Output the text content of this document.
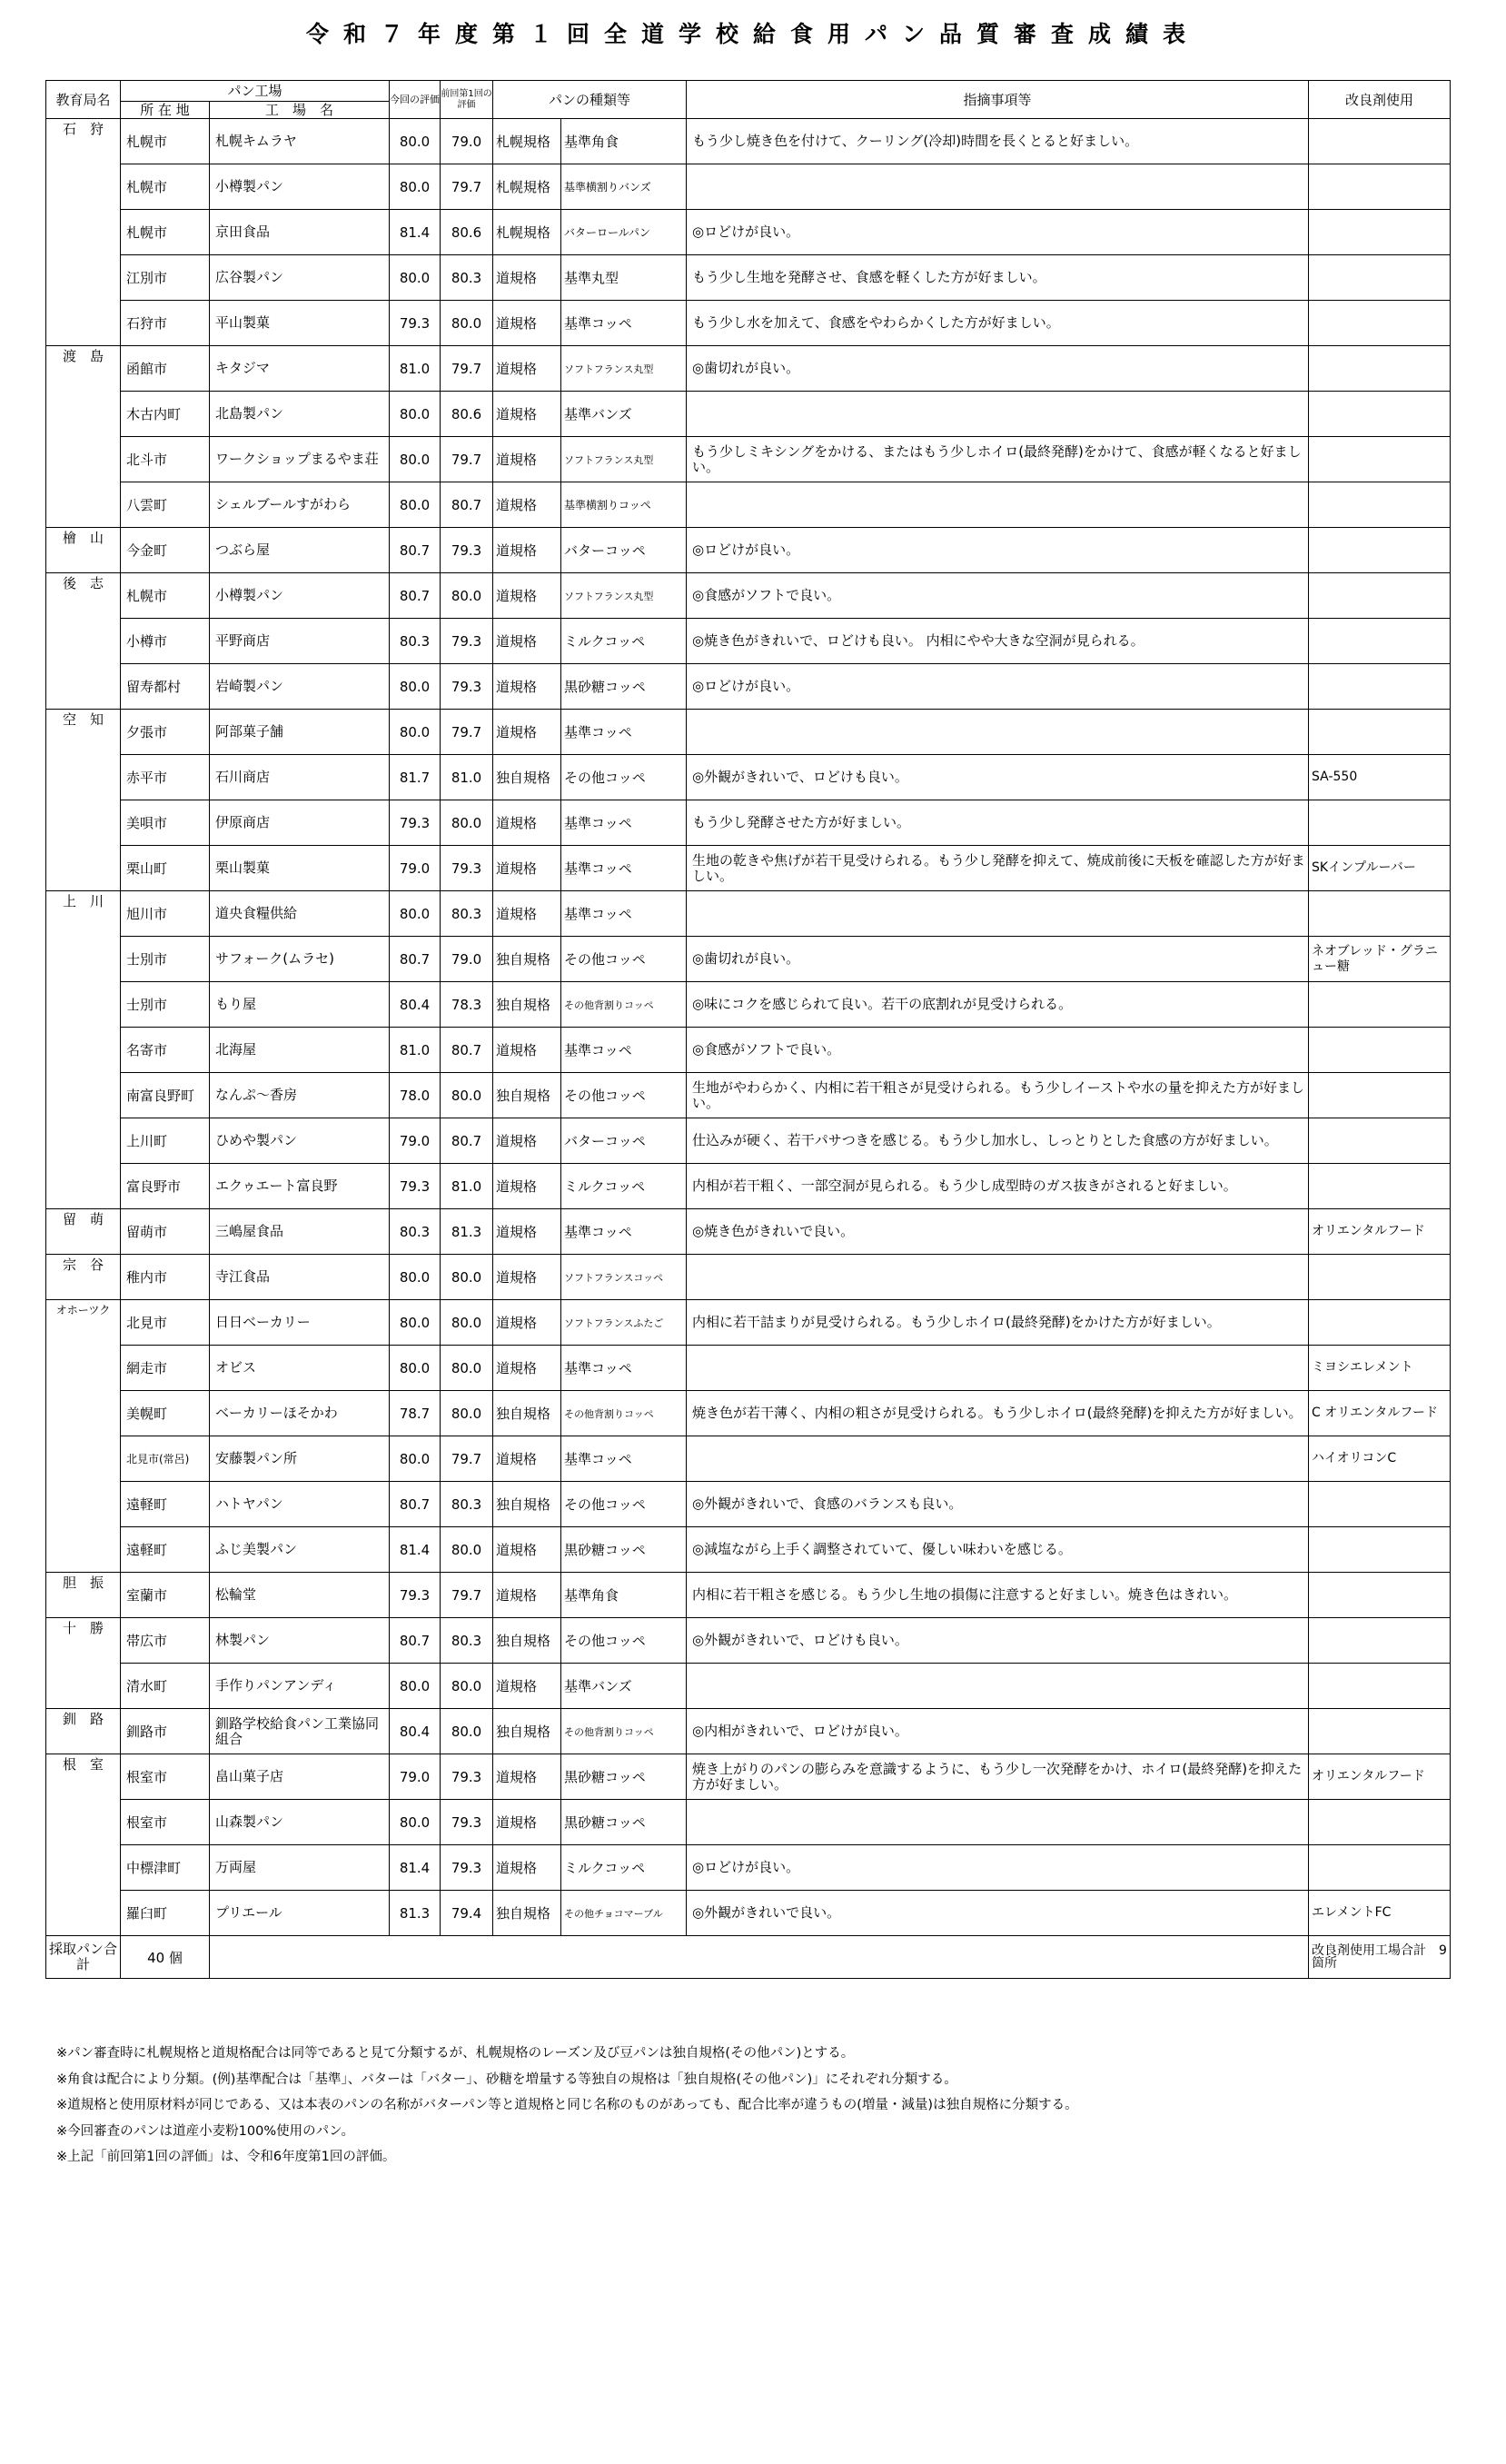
令和７年度第１回全道学校給食用パン品質審査成績表
教育局名	パン工場		今回の評価	前回第1回の評価	パンの種類等		指摘事項等	改良剤使用
	所 在 地	工　場　名						
石　狩	札幌市	札幌キムラヤ	80.0	79.0	札幌規格	基準角食	もう少し焼き色を付けて、クーリング(冷却)時間を長くとると好ましい。	
	札幌市	小樽製パン	80.0	79.7	札幌規格	基準横割りバンズ		
	札幌市	京田食品	81.4	80.6	札幌規格	バターロールパン	◎ロどけが良い。	
	江別市	広谷製パン	80.0	80.3	道規格	基準丸型	もう少し生地を発酵させ、食感を軽くした方が好ましい。	
	石狩市	平山製菓	79.3	80.0	道規格	基準コッペ	もう少し水を加えて、食感をやわらかくした方が好ましい。	
渡　島	函館市	キタジマ	81.0	79.7	道規格	ソフトフランス丸型	◎歯切れが良い。	
	木古内町	北島製パン	80.0	80.6	道規格	基準バンズ		
	北斗市	ワークショップまるやま荘	80.0	79.7	道規格	ソフトフランス丸型	もう少しミキシングをかける、またはもう少しホイロ(最終発酵)をかけて、食感が軽くなると好ましい。	
	八雲町	シェルブールすがわら	80.0	80.7	道規格	基準横割りコッペ		
檜　山	今金町	つぶら屋	80.7	79.3	道規格	バターコッペ	◎ロどけが良い。	
後　志	札幌市	小樽製パン	80.7	80.0	道規格	ソフトフランス丸型	◎食感がソフトで良い。	
	小樽市	平野商店	80.3	79.3	道規格	ミルクコッペ	◎焼き色がきれいで、ロどけも良い。 内相にやや大きな空洞が見られる。	
	留寿都村	岩崎製パン	80.0	79.3	道規格	黒砂糖コッペ	◎ロどけが良い。	
空　知	夕張市	阿部菓子舗	80.0	79.7	道規格	基準コッペ		
	赤平市	石川商店	81.7	81.0	独自規格	その他コッペ	◎外観がきれいで、ロどけも良い。	SA-550
	美唄市	伊原商店	79.3	80.0	道規格	基準コッペ	もう少し発酵させた方が好ましい。	
	栗山町	栗山製菓	79.0	79.3	道規格	基準コッペ	生地の乾きや焦げが若干見受けられる。もう少し発酵を抑えて、焼成前後に天板を確認した方が好ましい。	SKインプルーバー
上　川	旭川市	道央食糧供給	80.0	80.3	道規格	基準コッペ		
	士別市	サフォーク(ムラセ)	80.7	79.0	独自規格	その他コッペ	◎歯切れが良い。	ネオブレッド・グラニュー糖
	士別市	もり屋	80.4	78.3	独自規格	その他背割りコッペ	◎味にコクを感じられて良い。若干の底割れが見受けられる。	
	名寄市	北海屋	81.0	80.7	道規格	基準コッペ	◎食感がソフトで良い。	
	南富良野町	なんぷ～香房	78.0	80.0	独自規格	その他コッペ	生地がやわらかく、内相に若干粗さが見受けられる。もう少しイーストや水の量を抑えた方が好ましい。	
	上川町	ひめや製パン	79.0	80.7	道規格	バターコッペ	仕込みが硬く、若干パサつきを感じる。もう少し加水し、しっとりとした食感の方が好ましい。	
	富良野市	エクゥエート富良野	79.3	81.0	道規格	ミルクコッペ	内相が若干粗く、一部空洞が見られる。もう少し成型時のガス抜きがされると好ましい。	
留　萌	留萌市	三嶋屋食品	80.3	81.3	道規格	基準コッペ	◎焼き色がきれいで良い。	オリエンタルフード
宗　谷	稚内市	寺江食品	80.0	80.0	道規格	ソフトフランスコッペ		
オホーツク	北見市	日日ベーカリー	80.0	80.0	道規格	ソフトフランスふたご	内相に若干詰まりが見受けられる。もう少しホイロ(最終発酵)をかけた方が好ましい。	
	網走市	オビス	80.0	80.0	道規格	基準コッペ		ミヨシエレメント
	美幌町	ベーカリーほそかわ	78.7	80.0	独自規格	その他背割りコッペ	焼き色が若干薄く、内相の粗さが見受けられる。もう少しホイロ(最終発酵)を抑えた方が好ましい。	C オリエンタルフード
	北見市(常呂)	安藤製パン所	80.0	79.7	道規格	基準コッペ		ハイオリコンC
	遠軽町	ハトヤパン	80.7	80.3	独自規格	その他コッペ	◎外観がきれいで、食感のバランスも良い。	
	遠軽町	ふじ美製パン	81.4	80.0	道規格	黒砂糖コッペ	◎減塩ながら上手く調整されていて、優しい味わいを感じる。	
胆　振	室蘭市	松輪堂	79.3	79.7	道規格	基準角食	内相に若干粗さを感じる。もう少し生地の損傷に注意すると好ましい。焼き色はきれい。	
十　勝	帯広市	林製パン	80.7	80.3	独自規格	その他コッペ	◎外観がきれいで、ロどけも良い。	
	清水町	手作りパンアンディ	80.0	80.0	道規格	基準バンズ		
釧　路	釧路市	釧路学校給食パン工業協同組合	80.4	80.0	独自規格	その他背割りコッペ	◎内相がきれいで、ロどけが良い。	
根　室	根室市	畠山菓子店	79.0	79.3	道規格	黒砂糖コッペ	焼き上がりのパンの膨らみを意識するように、もう少し一次発酵をかけ、ホイロ(最終発酵)を抑えた方が好ましい。	オリエンタルフード
	根室市	山森製パン	80.0	79.3	道規格	黒砂糖コッペ		
	中標津町	万両屋	81.4	79.3	道規格	ミルクコッペ	◎ロどけが良い。	
	羅臼町	プリエール	81.3	79.4	独自規格	その他チョコマーブル	◎外観がきれいで良い。	エレメントFC
採取パン合計	40 個							改良剤使用工場合計　9 箇所
※パン審査時に札幌規格と道規格配合は同等であると見て分類するが、札幌規格のレーズン及び豆パンは独自規格(その他パン)とする。
※角食は配合により分類。(例)基準配合は「基準」、バターは「バター」、砂糖を増量する等独自の規格は「独自規格(その他パン)」にそれぞれ分類する。
※道規格と使用原材料が同じである、又は本表のパンの名称がバターパン等と道規格と同じ名称のものがあっても、配合比率が違うもの(増量・減量)は独自規格に分類する。
※今回審査のパンは道産小麦粉100%使用のパン。
※上記「前回第1回の評価」は、令和6年度第1回の評価。
